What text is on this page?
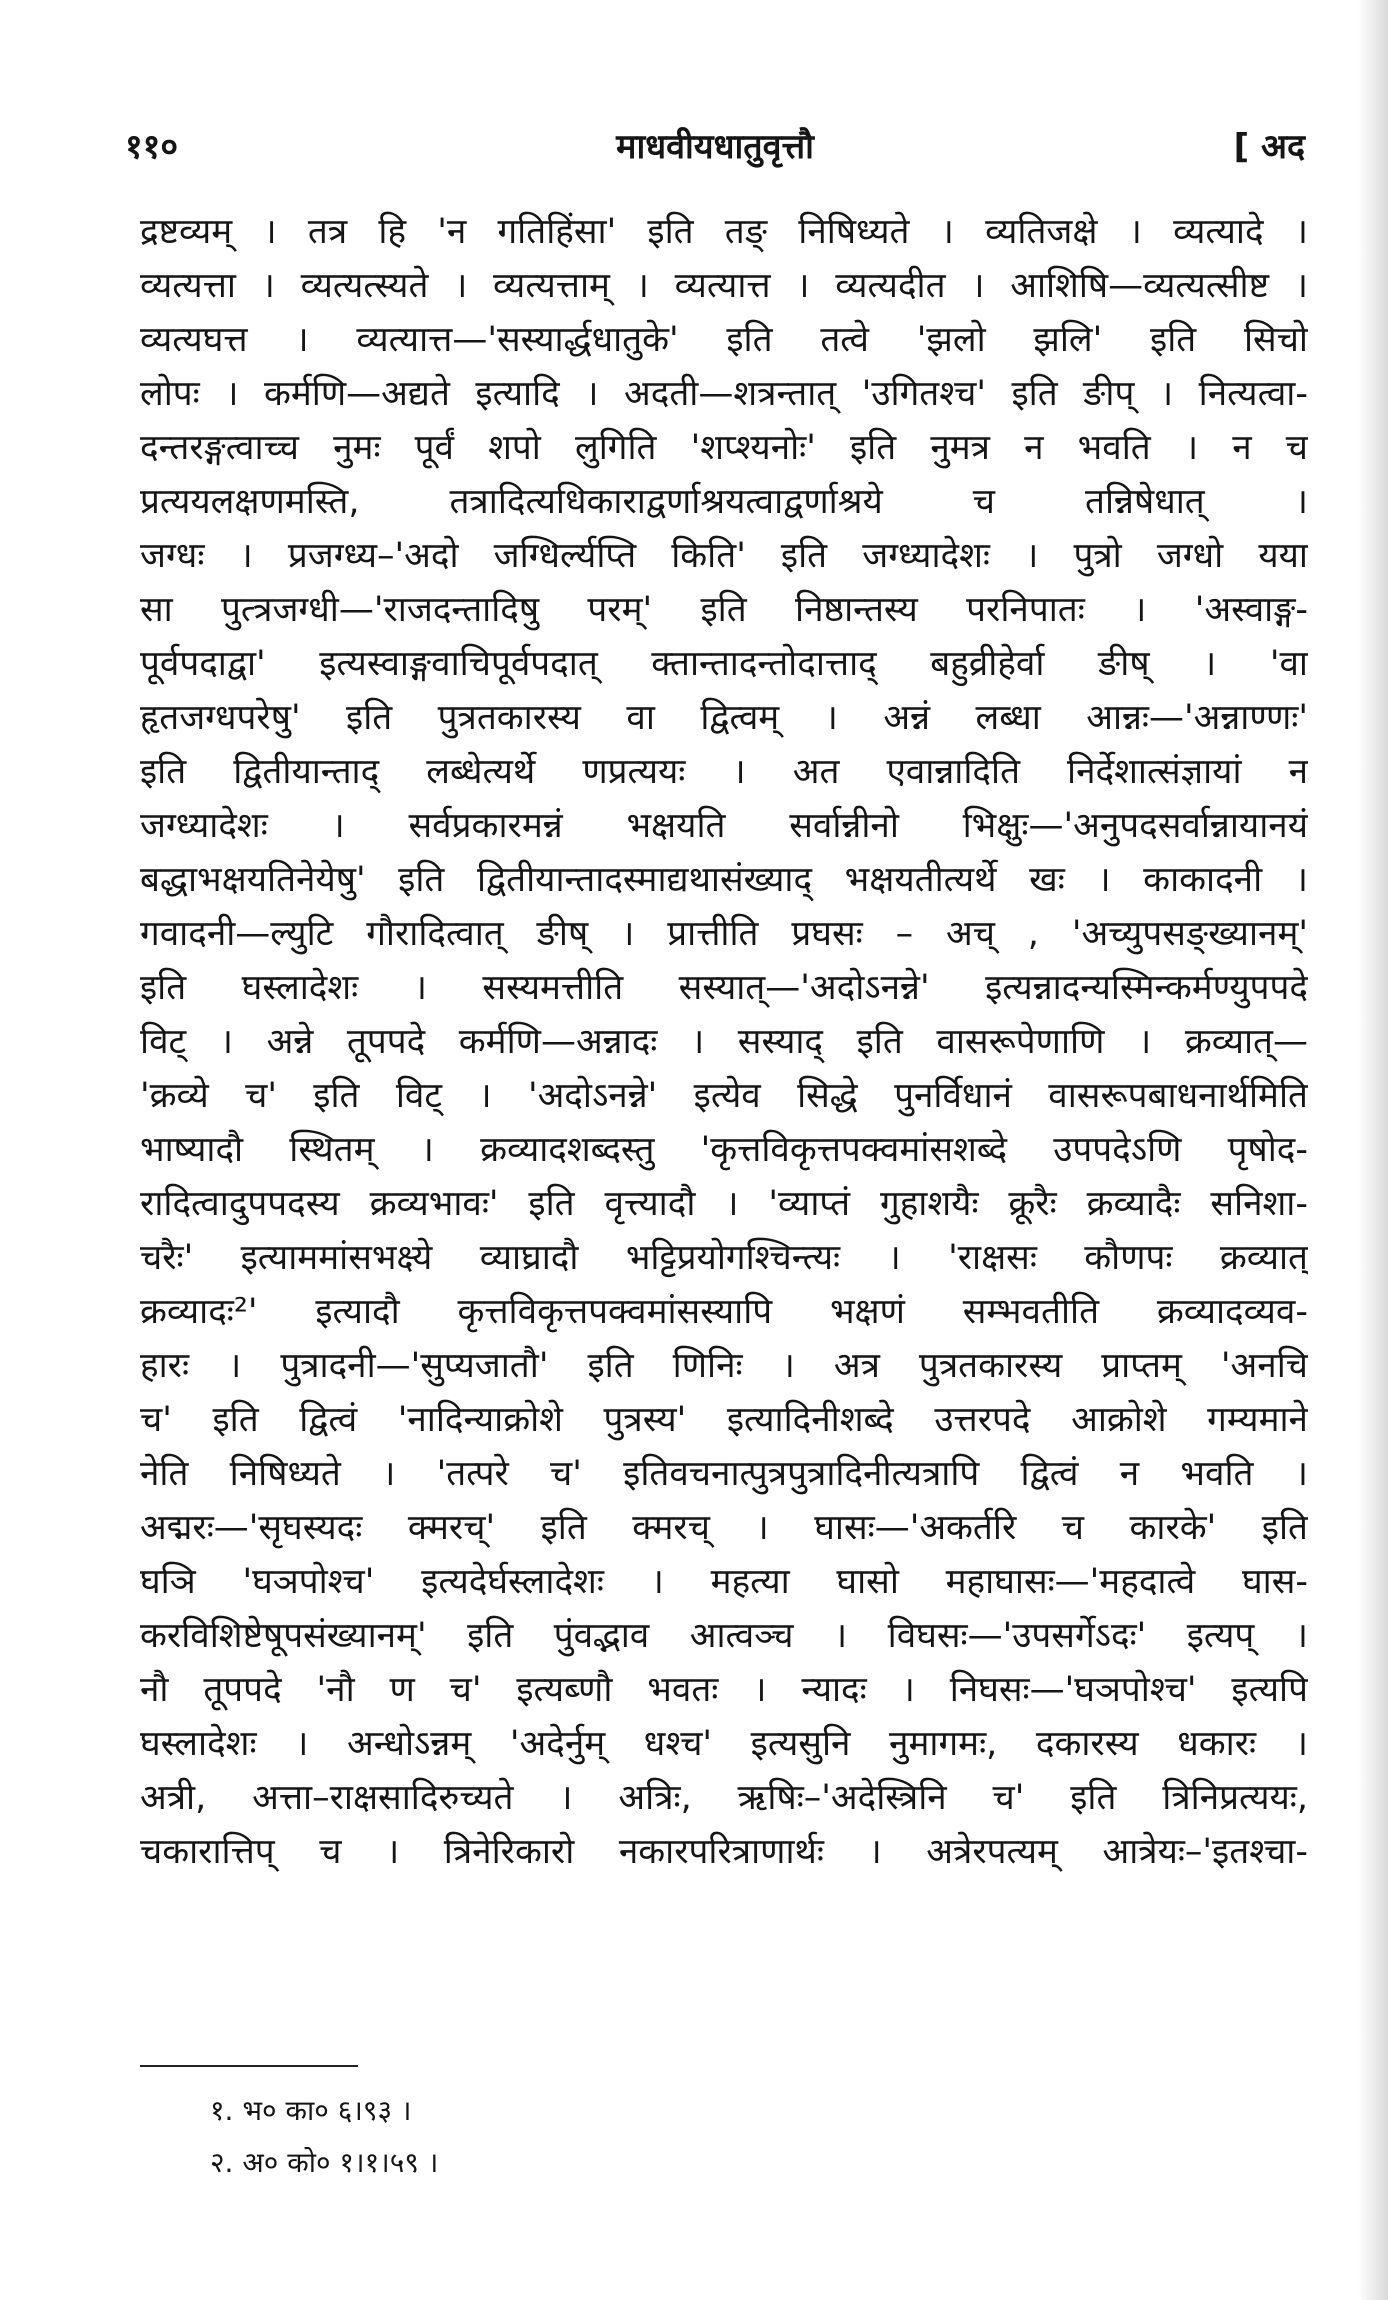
११०	माधवीयधातुवृत्तौ	[ अद
द्रष्टव्यम् । तत्र हि 'न गतिहिंसा' इति तङ् निषिध्यते । व्यतिजक्षे । व्यत्यादे ।
व्यत्यत्ता । व्यत्यत्स्यते । व्यत्यत्ताम् । व्यत्यात्त । व्यत्यदीत । आशिषि—व्यत्यत्सीष्ट ।
व्यत्यघत्त । व्यत्यात्त—'सस्यार्द्धधातुके' इति तत्वे 'झलो झलि' इति सिचो
लोपः । कर्मणि—अद्यते इत्यादि । अदती—शत्रन्तात् 'उगितश्च' इति ङीप् । नित्यत्वा-
दन्तरङ्गत्वाच्च नुमः पूर्वं शपो लुगिति 'शप्श्यनोः' इति नुमत्र न भवति । न च
प्रत्ययलक्षणमस्ति, तत्रादित्यधिकाराद्वर्णाश्रयत्वाद्वर्णाश्रये च तन्निषेधात् ।
जग्धः । प्रजग्ध्य–'अदो जग्धिर्ल्यप्ति किति' इति जग्ध्यादेशः । पुत्रो जग्धो यया
सा पुत्त्रजग्धी—'राजदन्तादिषु परम्' इति निष्ठान्तस्य परनिपातः । 'अस्वाङ्ग-
पूर्वपदाद्वा' इत्यस्वाङ्गवाचिपूर्वपदात् क्तान्तादन्तोदात्ताद् बहुव्रीहेर्वा ङीष् । 'वा
हृतजग्धपरेषु' इति पुत्रतकारस्य वा द्वित्वम् । अन्नं लब्धा आन्नः—'अन्नाण्णः'
इति द्वितीयान्ताद् लब्धेत्यर्थे णप्रत्ययः । अत एवान्नादिति निर्देशात्संज्ञायां न
जग्ध्यादेशः । सर्वप्रकारमन्नं भक्षयति सर्वान्नीनो भिक्षुः—'अनुपदसर्वान्नायानयं
बद्धाभक्षयतिनेयेषु' इति द्वितीयान्तादस्माद्यथासंख्याद् भक्षयतीत्यर्थे खः । काकादनी ।
गवादनी—ल्युटि गौरादित्वात् ङीष् । प्रात्तीति प्रघसः – अच् , 'अच्युपसङ्ख्यानम्'
इति घस्लादेशः । सस्यमत्तीति सस्यात्—'अदोऽनन्ने' इत्यन्नादन्यस्मिन्कर्मण्युपपदे
विट् । अन्ने तूपपदे कर्मणि—अन्नादः । सस्याद् इति वासरूपेणाणि । क्रव्यात्—
'क्रव्ये च' इति विट् । 'अदोऽनन्ने' इत्येव सिद्धे पुनर्विधानं वासरूपबाधनार्थमिति
भाष्यादौ स्थितम् । क्रव्यादशब्दस्तु 'कृत्तविकृत्तपक्वमांसशब्दे उपपदेऽणि पृषोद-
रादित्वादुपपदस्य क्रव्यभावः' इति वृत्त्यादौ । 'व्याप्तं गुहाशयैः क्रूरैः क्रव्यादैः सनिशा-
चरैः' इत्याममांसभक्ष्ये व्याघ्रादौ भट्टिप्रयोगश्चिन्त्यः । 'राक्षसः कौणपः क्रव्यात्
क्रव्यादः²' इत्यादौ कृत्तविकृत्तपक्वमांसस्यापि भक्षणं सम्भवतीति क्रव्यादव्यव-
हारः । पुत्रादनी—'सुप्यजातौ' इति णिनिः । अत्र पुत्रतकारस्य प्राप्तम् 'अनचि
च' इति द्वित्वं 'नादिन्याक्रोशे पुत्रस्य' इत्यादिनीशब्दे उत्तरपदे आक्रोशे गम्यमाने
नेति निषिध्यते । 'तत्परे च' इतिवचनात्पुत्रपुत्रादिनीत्यत्रापि द्वित्वं न भवति ।
अद्मरः—'सृघस्यदः क्मरच्' इति क्मरच् । घासः—'अकर्तरि च कारके' इति
घञि 'घञपोश्च' इत्यदेर्घस्लादेशः । महत्या घासो महाघासः—'महदात्वे घास-
करविशिष्टेषूपसंख्यानम्' इति पुंवद्भाव आत्वञ्च । विघसः—'उपसर्गेऽदः' इत्यप् ।
नौ तूपपदे 'नौ ण च' इत्यब्णौ भवतः । न्यादः । निघसः—'घञपोश्च' इत्यपि
घस्लादेशः । अन्धोऽन्नम् 'अदेर्नुम् धश्च' इत्यसुनि नुमागमः, दकारस्य धकारः ।
अत्री, अत्ता–राक्षसादिरुच्यते । अत्रिः, ऋषिः–'अदेस्त्रिनि च' इति त्रिनिप्रत्ययः,
चकारात्तिप् च । त्रिनेरिकारो नकारपरित्राणार्थः । अत्रेरपत्यम् आत्रेयः–'इतश्चा-
१. भ० का० ६।९३ ।
२. अ० को० १।१।५९ ।
